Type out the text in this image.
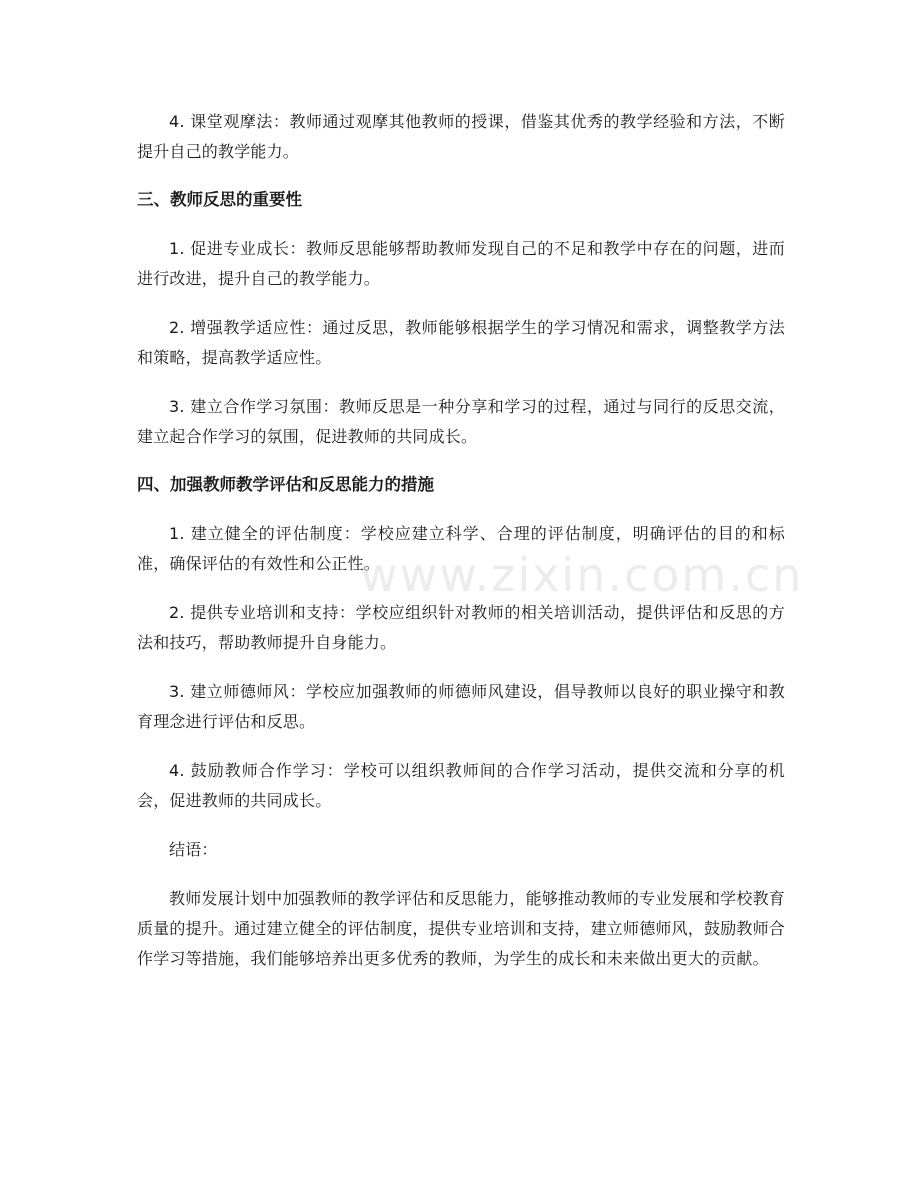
4. 课堂观摩法：教师通过观摩其他教师的授课，借鉴其优秀的教学经验和方法，不断提升自己的教学能力。

三、教师反思的重要性

1. 促进专业成长：教师反思能够帮助教师发现自己的不足和教学中存在的问题，进而进行改进，提升自己的教学能力。

2. 增强教学适应性：通过反思，教师能够根据学生的学习情况和需求，调整教学方法和策略，提高教学适应性。

3. 建立合作学习氛围：教师反思是一种分享和学习的过程，通过与同行的反思交流，建立起合作学习的氛围，促进教师的共同成长。

四、加强教师教学评估和反思能力的措施

1. 建立健全的评估制度：学校应建立科学、合理的评估制度，明确评估的目的和标准，确保评估的有效性和公正性。

2. 提供专业培训和支持：学校应组织针对教师的相关培训活动，提供评估和反思的方法和技巧，帮助教师提升自身能力。

3. 建立师德师风：学校应加强教师的师德师风建设，倡导教师以良好的职业操守和教育理念进行评估和反思。

4. 鼓励教师合作学习：学校可以组织教师间的合作学习活动，提供交流和分享的机会，促进教师的共同成长。

结语：

教师发展计划中加强教师的教学评估和反思能力，能够推动教师的专业发展和学校教育质量的提升。通过建立健全的评估制度，提供专业培训和支持，建立师德师风，鼓励教师合作学习等措施，我们能够培养出更多优秀的教师，为学生的成长和未来做出更大的贡献。

www.zixin.com.cn
